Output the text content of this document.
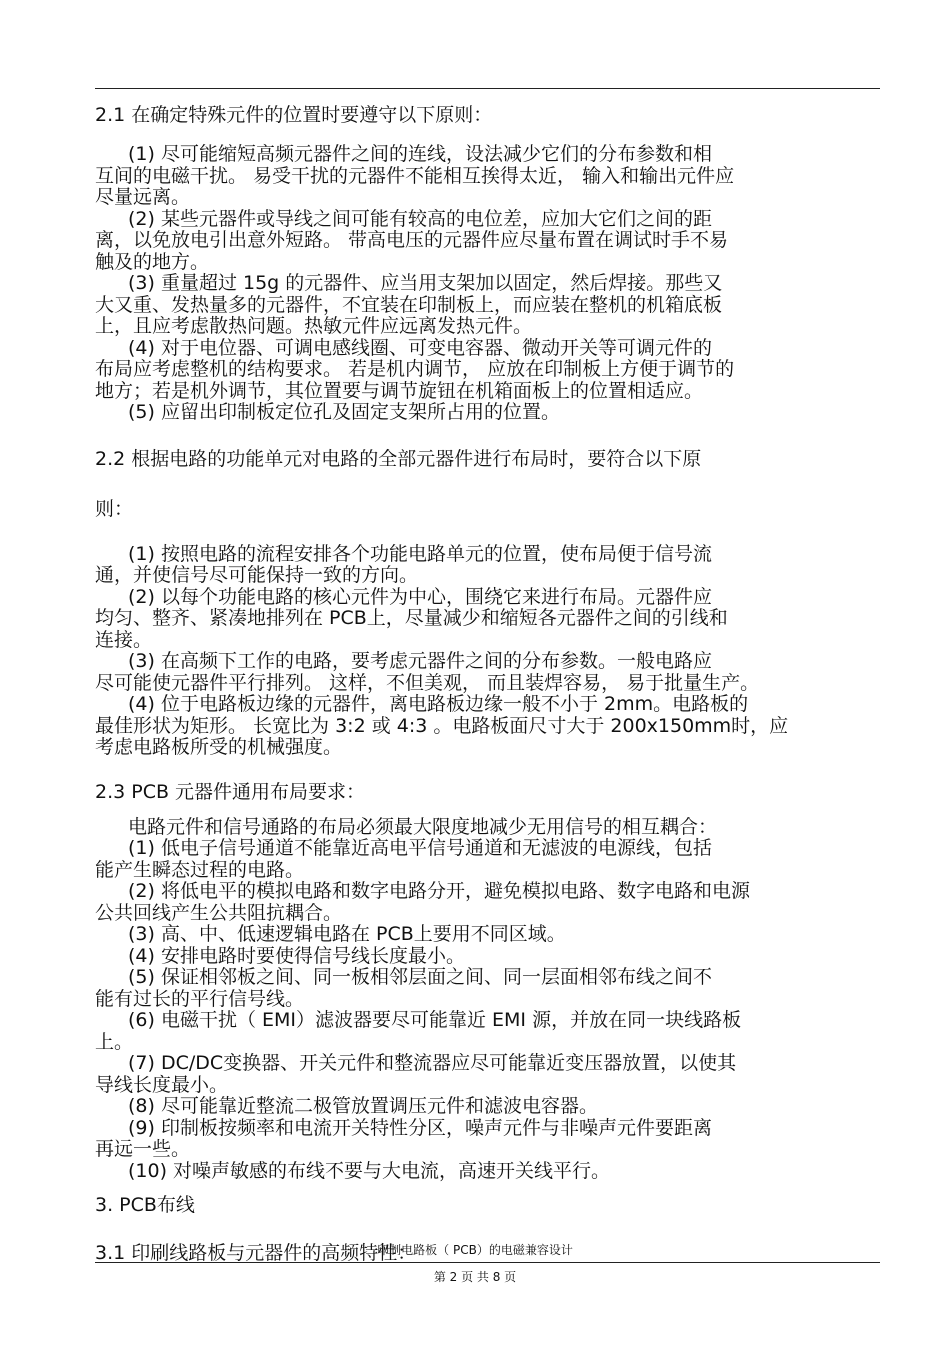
2.1 在确定特殊元件的位置时要遵守以下原则：
(1) 尽可能缩短高频元器件之间的连线，设法减少它们的分布参数和相
互间的电磁干扰。 易受干扰的元器件不能相互挨得太近， 输入和输出元件应
尽量远离。
(2) 某些元器件或导线之间可能有较高的电位差，应加大它们之间的距
离，以免放电引出意外短路。 带高电压的元器件应尽量布置在调试时手不易
触及的地方。
(3) 重量超过 15g 的元器件、应当用支架加以固定，然后焊接。那些又
大又重、发热量多的元器件，不宜装在印制板上，而应装在整机的机箱底板
上，且应考虑散热问题。热敏元件应远离发热元件。
(4) 对于电位器、可调电感线圈、可变电容器、微动开关等可调元件的
布局应考虑整机的结构要求。 若是机内调节， 应放在印制板上方便于调节的
地方；若是机外调节，其位置要与调节旋钮在机箱面板上的位置相适应。
(5) 应留出印制板定位孔及固定支架所占用的位置。
2.2 根据电路的功能单元对电路的全部元器件进行布局时，要符合以下原
则：
(1) 按照电路的流程安排各个功能电路单元的位置，使布局便于信号流
通，并使信号尽可能保持一致的方向。
(2) 以每个功能电路的核心元件为中心，围绕它来进行布局。元器件应
均匀、整齐、紧凑地排列在 PCB上，尽量减少和缩短各元器件之间的引线和
连接。
(3) 在高频下工作的电路，要考虑元器件之间的分布参数。一般电路应
尽可能使元器件平行排列。 这样，不但美观， 而且装焊容易， 易于批量生产。
(4) 位于电路板边缘的元器件，离电路板边缘一般不小于 2mm。电路板的
最佳形状为矩形。 长宽比为 3:2 或 4:3 。电路板面尺寸大于 200x150mm时，应
考虑电路板所受的机械强度。
2.3 PCB 元器件通用布局要求：
电路元件和信号通路的布局必须最大限度地减少无用信号的相互耦合：
(1) 低电子信号通道不能靠近高电平信号通道和无滤波的电源线，包括
能产生瞬态过程的电路。
(2) 将低电平的模拟电路和数字电路分开，避免模拟电路、数字电路和电源
公共回线产生公共阻抗耦合。
(3) 高、中、低速逻辑电路在 PCB上要用不同区域。
(4) 安排电路时要使得信号线长度最小。
(5) 保证相邻板之间、同一板相邻层面之间、同一层面相邻布线之间不
能有过长的平行信号线。
(6) 电磁干扰（ EMI）滤波器要尽可能靠近 EMI 源，并放在同一块线路板
上。
(7) DC/DC变换器、开关元件和整流器应尽可能靠近变压器放置，以使其
导线长度最小。
(8) 尽可能靠近整流二极管放置调压元件和滤波电容器。
(9) 印制板按频率和电流开关特性分区，噪声元件与非噪声元件要距离
再远一些。
(10) 对噪声敏感的布线不要与大电流，高速开关线平行。
3. PCB布线
3.1 印刷线路板与元器件的高频特性：
印制电路板（ PCB）的电磁兼容设计
第 2 页 共 8 页
